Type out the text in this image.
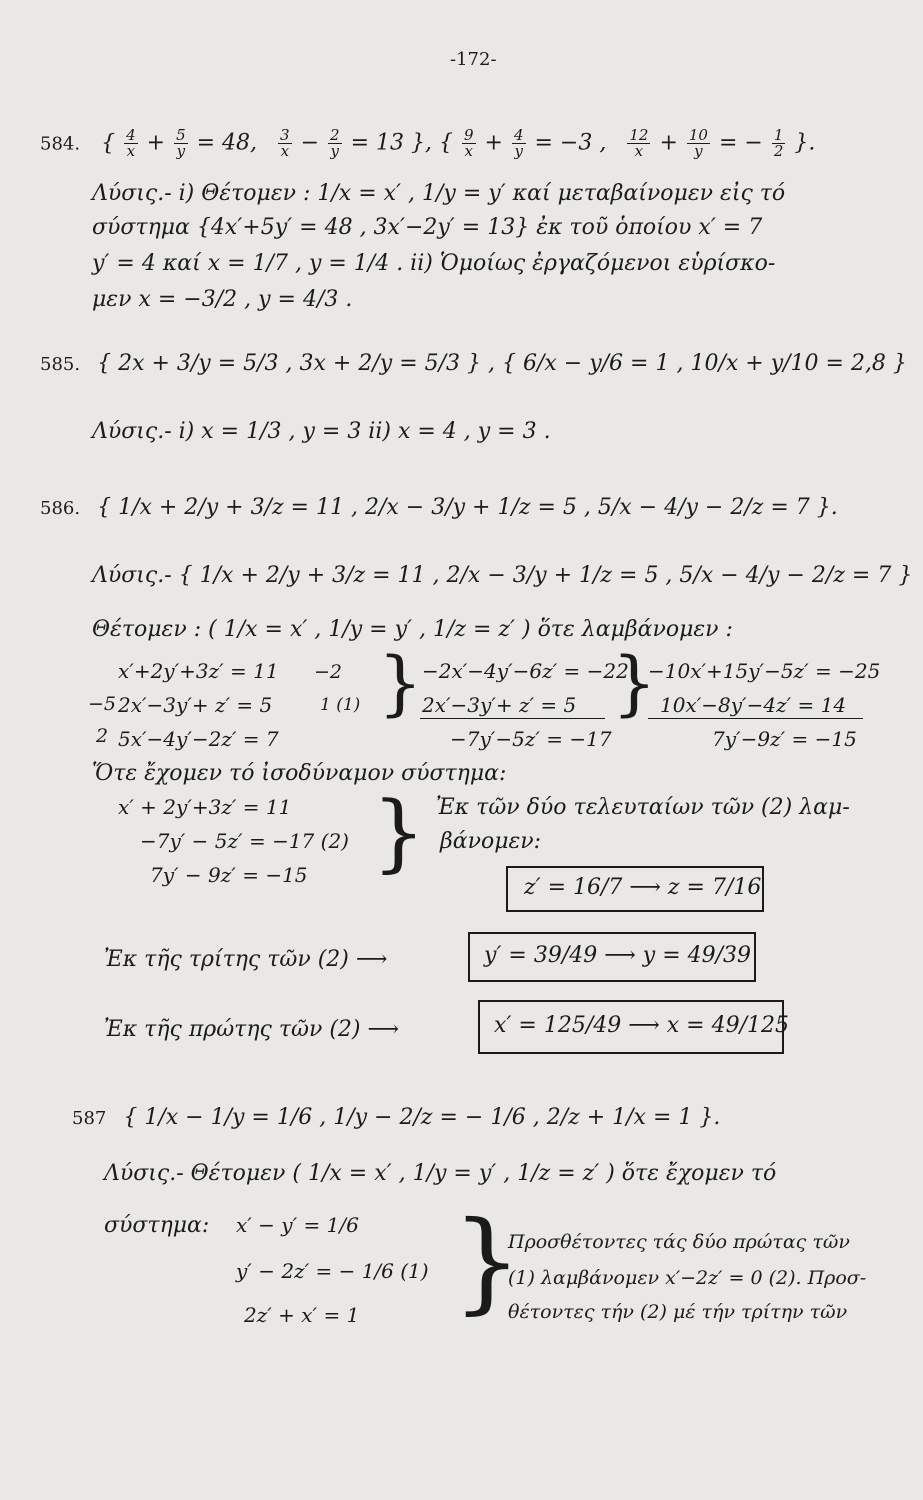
-172-
584. { $\frac{4}{x} + \frac{5}{y} = 48$, $\frac{3}{x} - \frac{2}{y} = 13$ }, { $\frac{9}{x} + \frac{4}{y} = -3$ , $\frac{12}{x} + \frac{10}{y}$ = − $\frac{1}{2}$ }.
Λύσις.- i) Θέτομεν : 1/x = x′ , 1/y = y′ καί μεταβαίνομεν εἰς τό
σύστημα {4x′+5y′ = 48 , 3x′−2y′ = 13} ἐκ τοῦ ὁποίου x′ = 7
y′ = 4 καί x = 1/7 , y = 1/4 . ii) Ὁμοίως ἐργαζόμενοι εὑρίσκο-
μεν x = −3/2 , y = 4/3 .
585. { 2x + 3/y = 5/3 , 3x + 2/y = 5/3 } , { 6/x − y/6 = 1 , 10/x + y/10 = 2,8 }
Λύσις.- i) x = 1/3 , y = 3 ii) x = 4 , y = 3 .
586. { 1/x + 2/y + 3/z = 11 , 2/x − 3/y + 1/z = 5 , 5/x − 4/y − 2/z = 7 }.
Λύσις.- { 1/x + 2/y + 3/z = 11 , 2/x − 3/y + 1/z = 5 , 5/x − 4/y − 2/z = 7 }
Θέτομεν : ( 1/x = x′ , 1/y = y′ , 1/z = z′ ) ὅτε λαμβάνομεν :
−5
2
x′+2y′+3z′ = 11
2x′−3y′+ z′ = 5
5x′−4y′−2z′ = 7
−2
1 (1) } −2x′−4y′−6z′ = −22
2x′−3y′+ z′ = 5
−7y′−5z′ = −17
}
−10x′+15y′−5z′ = −25
10x′−8y′−4z′ = 14
7y′−9z′ = −15
Ὅτε ἔχομεν τό ἰσοδύναμον σύστημα:
x′ + 2y′+3z′ = 11
−7y′ − 5z′ = −17 (2)
7y′ − 9z′ = −15 } Ἐκ τῶν δύο τελευταίων τῶν (2) λαμ-
βάνομεν:
z′ = 16/7 ⟶ z = 7/16
Ἐκ τῆς τρίτης τῶν (2) ⟶	y′ = 39/49 ⟶ y = 49/39
Ἐκ τῆς πρώτης τῶν (2) ⟶	x′ = 125/49 ⟶ x = 49/125
587 { 1/x − 1/y = 1/6 , 1/y − 2/z = − 1/6 , 2/z + 1/x = 1 }.
Λύσις.- Θέτομεν ( 1/x = x′ , 1/y = y′ , 1/z = z′ ) ὅτε ἔχομεν τό
σύστημα: x′ − y′ = 1/6
y′ − 2z′ = − 1/6 (1)
2z′ + x′ = 1 }
Προσθέτοντες τάς δύο πρώτας τῶν
(1) λαμβάνομεν x′−2z′ = 0 (2). Προσ-
θέτοντες τήν (2) μέ τήν τρίτην τῶν
